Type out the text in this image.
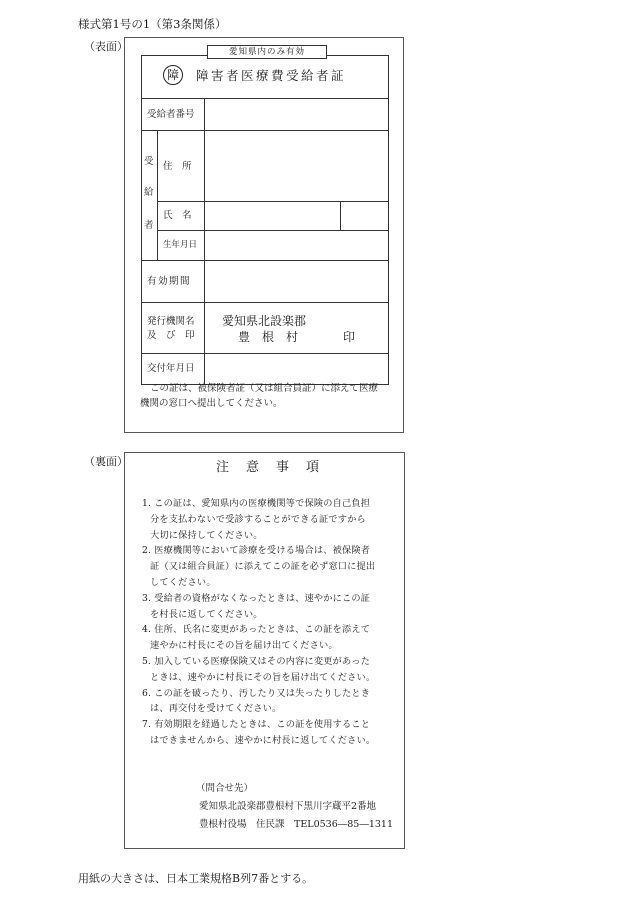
様式第1号の1（第3条関係）
（表面）
（裏面）
用紙の大きさは、日本工業規格B列7番とする。
愛知県内のみ有効
障	障害者医療費受給者証
受給者番号
受
給
者
住　所
氏　名
生年月日
有効期間
発行機関名
及　び　印
交付年月日
愛知県北設楽郡
豊　根　村	印
この証は、被保険者証（又は組合員証）に添えて医療
機関の窓口へ提出してください。
注　意　事　項
1. この証は、愛知県内の医療機関等で保険の自己負担
分を支払わないで受診することができる証ですから
大切に保持してください。
2. 医療機関等において診療を受ける場合は、被保険者
証（又は組合員証）に添えてこの証を必ず窓口に提出
してください。
3. 受給者の資格がなくなったときは、速やかにこの証
を村長に返してください。
4. 住所、氏名に変更があったときは、この証を添えて
速やかに村長にその旨を届け出てください。
5. 加入している医療保険又はその内容に変更があった
ときは、速やかに村長にその旨を届け出てください。
6. この証を破ったり、汚したり又は失ったりしたとき
は、再交付を受けてください。
7. 有効期限を経過したときは、この証を使用すること
はできませんから、速やかに村長に返してください。
（問合せ先）
愛知県北設楽郡豊根村下黒川字蔵平2番地
豊根村役場　住民課　TEL0536―85―1311
